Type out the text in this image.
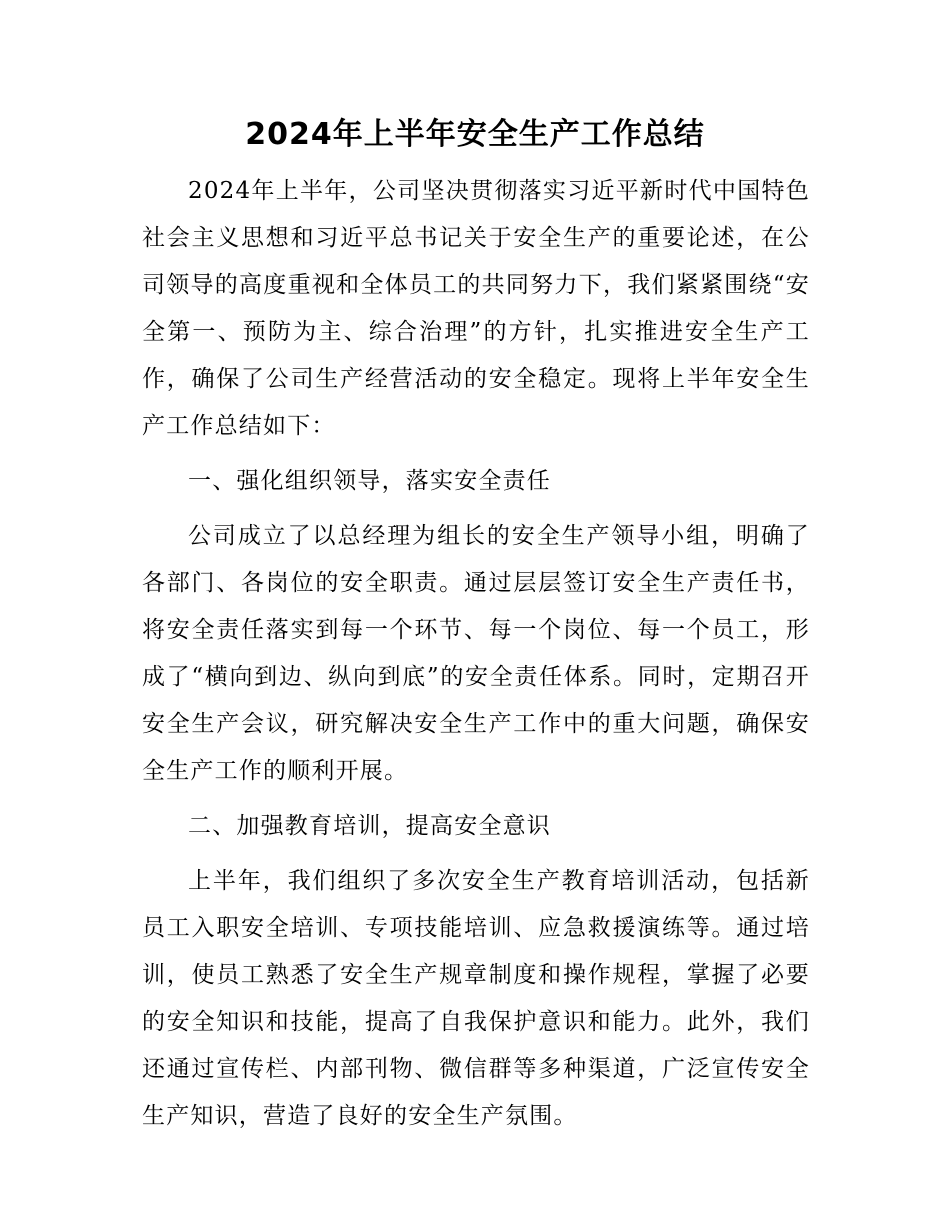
2024年上半年安全生产工作总结

2024年上半年，公司坚决贯彻落实习近平新时代中国特色社会主义思想和习近平总书记关于安全生产的重要论述，在公司领导的高度重视和全体员工的共同努力下，我们紧紧围绕“安全第一、预防为主、综合治理”的方针，扎实推进安全生产工作，确保了公司生产经营活动的安全稳定。现将上半年安全生产工作总结如下：

一、强化组织领导，落实安全责任

公司成立了以总经理为组长的安全生产领导小组，明确了各部门、各岗位的安全职责。通过层层签订安全生产责任书，将安全责任落实到每一个环节、每一个岗位、每一个员工，形成了“横向到边、纵向到底”的安全责任体系。同时，定期召开安全生产会议，研究解决安全生产工作中的重大问题，确保安全生产工作的顺利开展。

二、加强教育培训，提高安全意识

上半年，我们组织了多次安全生产教育培训活动，包括新员工入职安全培训、专项技能培训、应急救援演练等。通过培训，使员工熟悉了安全生产规章制度和操作规程，掌握了必要的安全知识和技能，提高了自我保护意识和能力。此外，我们还通过宣传栏、内部刊物、微信群等多种渠道，广泛宣传安全生产知识，营造了良好的安全生产氛围。
